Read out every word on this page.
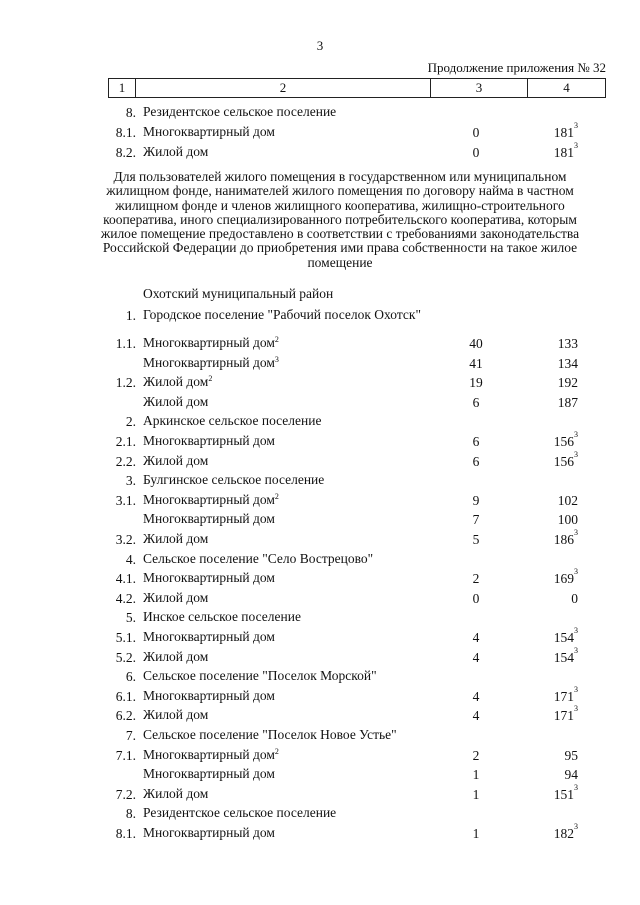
3
Продолжение приложения № 32
1	2	3	4
8. Резидентское сельское поселение
8.1. Многоквартирный дом	0	$181^3$
8.2. Жилой дом	0	$181^3$
Для пользователей жилого помещения в государственном или муниципальном жилищном фонде, нанимателей жилого помещения по договору найма в частном жилищном фонде и членов жилищного кооператива, жилищно-строительного кооператива, иного специализированного потребительского кооператива, которым жилое помещение предоставлено в соответствии с требованиями законодательства Российской Федерации до приобретения ими права собственности на такое жилое помещение
Охотский муниципальный район
1. Городское поселение "Рабочий поселок Охотск"
1.1. Многоквартирный дом$^2$	40	133
Многоквартирный дом$^3$	41	134
1.2. Жилой дом$^2$	19	192
Жилой дом	6	187
2. Аркинское сельское поселение
2.1. Многоквартирный дом	6	$156^3$
2.2. Жилой дом	6	$156^3$
3. Булгинское сельское поселение
3.1. Многоквартирный дом$^2$	9	102
Многоквартирный дом	7	100
3.2. Жилой дом	5	$186^3$
4. Сельское поселение "Село Вострецово"
4.1. Многоквартирный дом	2	$169^3$
4.2. Жилой дом	0	0
5. Инское сельское поселение
5.1. Многоквартирный дом	4	$154^3$
5.2. Жилой дом	4	$154^3$
6. Сельское поселение "Поселок Морской"
6.1. Многоквартирный дом	4	$171^3$
6.2. Жилой дом	4	$171^3$
7. Сельское поселение "Поселок Новое Устье"
7.1. Многоквартирный дом$^2$	2	95
Многоквартирный дом	1	94
7.2. Жилой дом	1	$151^3$
8. Резидентское сельское поселение
8.1. Многоквартирный дом	1	$182^3$
